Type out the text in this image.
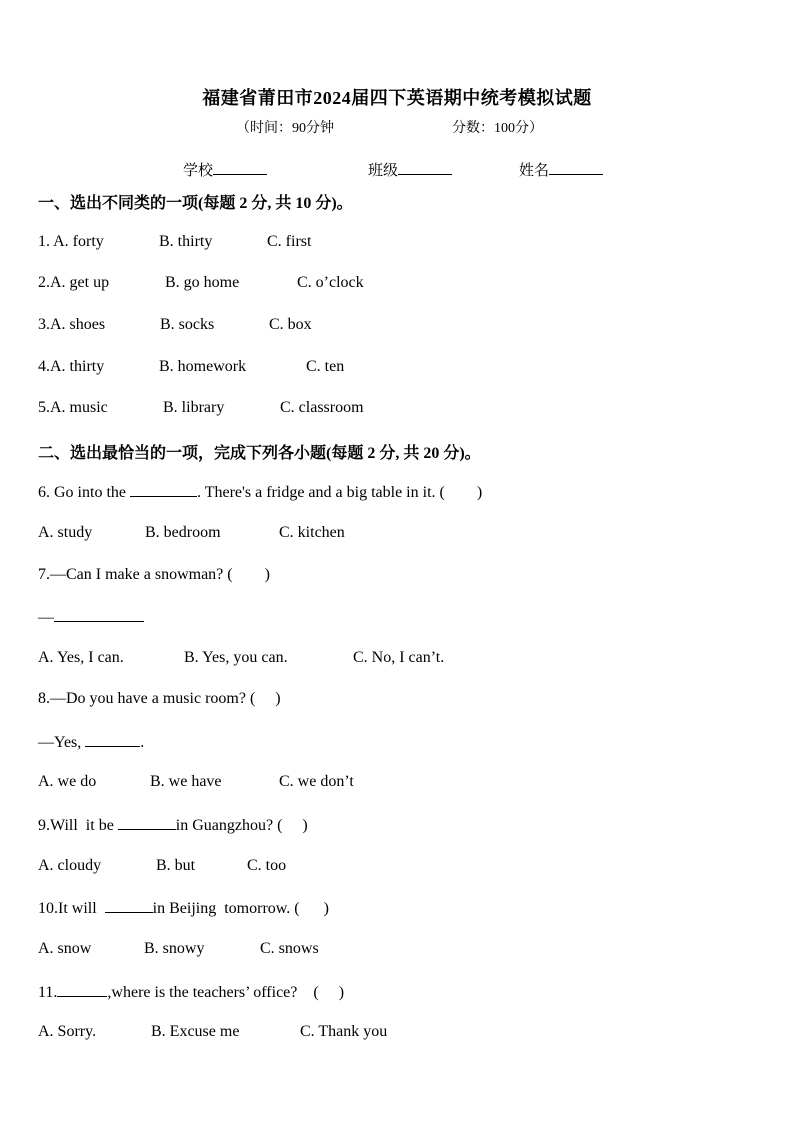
福建省莆田市2024届四下英语期中统考模拟试题
（时间：90分钟	分数：100分）
学校	班级	姓名
一、选出不同类的一项(每题 2 分, 共 10 分)。
1. A. forty	B. thirty	C. first
2.A. get up	B. go home	C. o’clock
3.A. shoes	B. socks	C. box
4.A. thirty	B. homework	C. ten
5.A. music	B. library	C. classroom
二、选出最恰当的一项，完成下列各小题(每题 2 分, 共 20 分)。
6. Go into the	. There's a fridge and a big table in it. (        )
A. study	B. bedroom	C. kitchen
7.—Can I make a snowman? (        )
—
A. Yes, I can.	B. Yes, you can.	C. No, I can’t.
8.—Do you have a music room? (     )
—Yes,	.
A. we do	B. we have	C. we don’t
9.Will  it be	in Guangzhou? (     )
A. cloudy	B. but	C. too
10.It will	in Beijing  tomorrow. (      )
A. snow	B. snowy	C. snows
11.	,where is the teachers’ office?    (     )
A. Sorry.	B. Excuse me	C. Thank you
